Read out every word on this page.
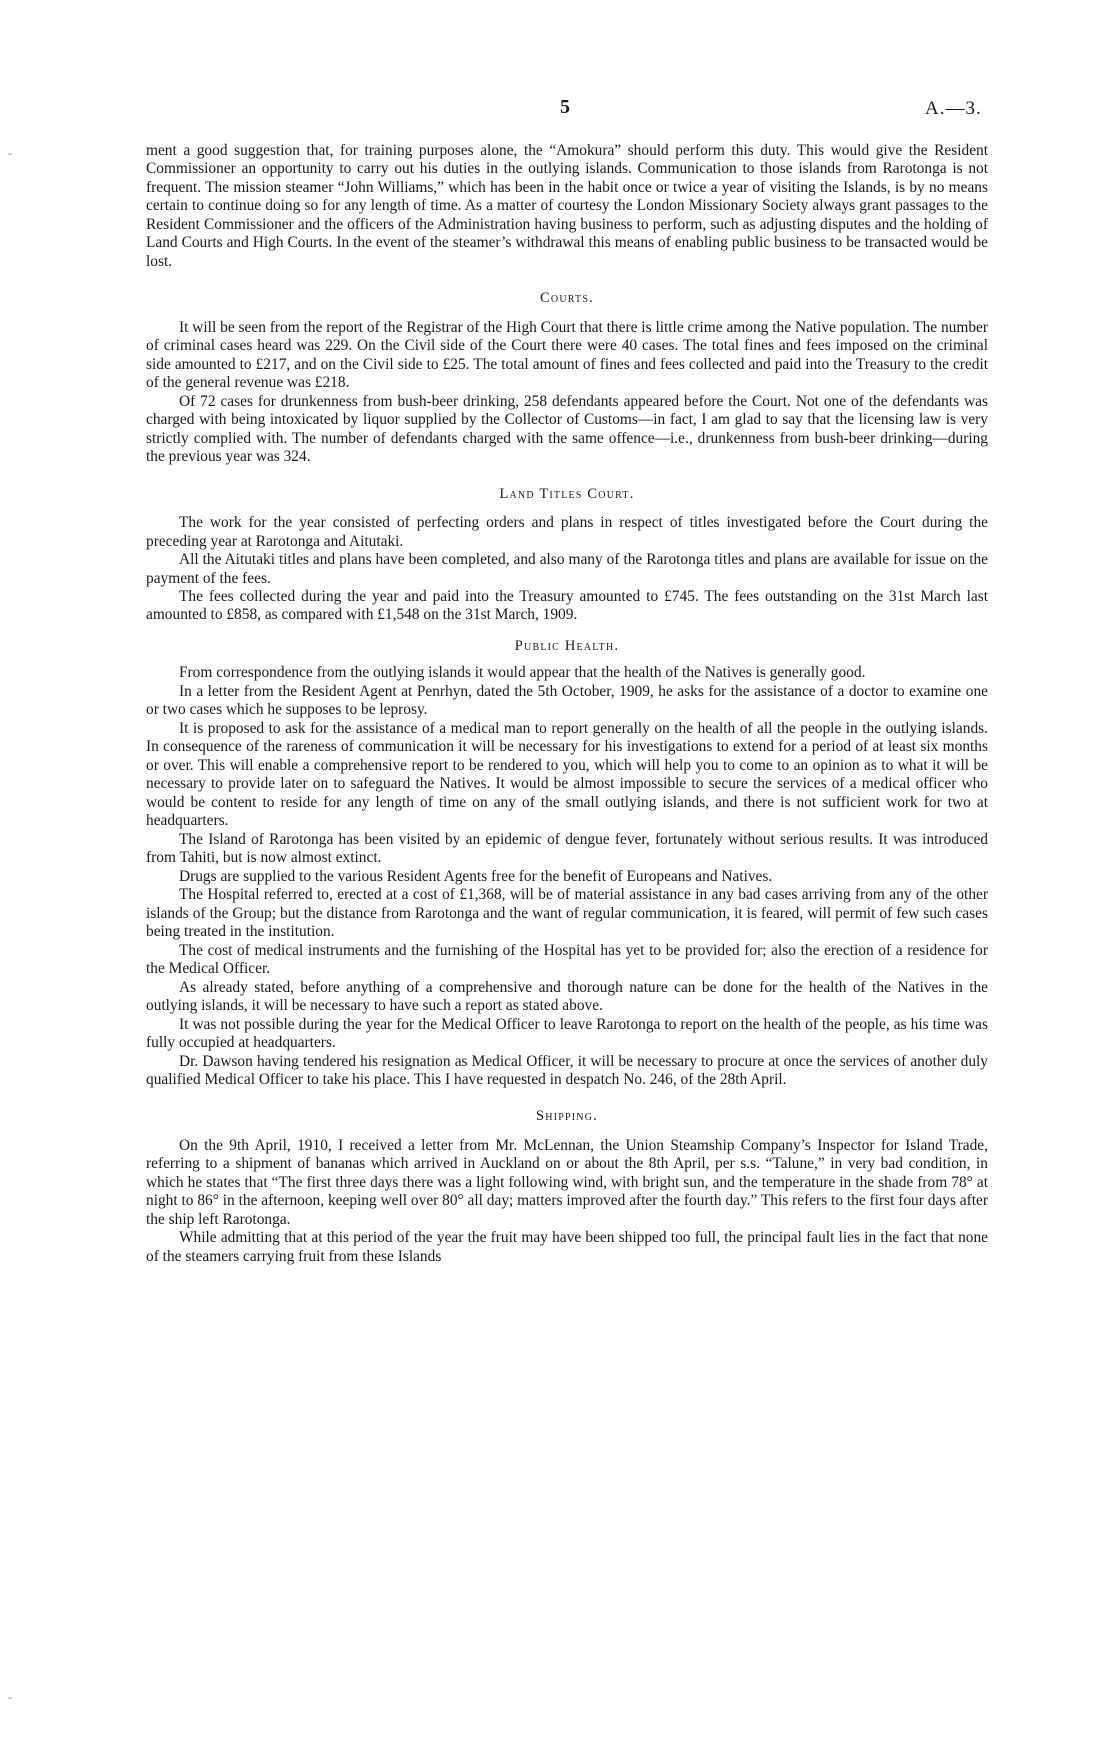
5	A.—3.
-
-

ment a good suggestion that, for training purposes alone, the “Amokura” should perform this duty. This would give the Resident Commissioner an opportunity to carry out his duties in the outlying islands. Communication to those islands from Rarotonga is not frequent. The mission steamer “John Williams,” which has been in the habit once or twice a year of visiting the Islands, is by no means certain to continue doing so for any length of time. As a matter of courtesy the London Missionary Society always grant passages to the Resident Commissioner and the officers of the Administration having business to perform, such as adjusting disputes and the holding of Land Courts and High Courts. In the event of the steamer’s withdrawal this means of enabling public business to be transacted would be lost.

Courts.

It will be seen from the report of the Registrar of the High Court that there is little crime among the Native population. The number of criminal cases heard was 229. On the Civil side of the Court there were 40 cases. The total fines and fees imposed on the criminal side amounted to £217, and on the Civil side to £25. The total amount of fines and fees collected and paid into the Treasury to the credit of the general revenue was £218.

Of 72 cases for drunkenness from bush-beer drinking, 258 defendants appeared before the Court. Not one of the defendants was charged with being intoxicated by liquor supplied by the Collector of Customs—in fact, I am glad to say that the licensing law is very strictly complied with. The number of defendants charged with the same offence—i.e., drunkenness from bush-beer drinking—during the previous year was 324.

Land Titles Court.

The work for the year consisted of perfecting orders and plans in respect of titles investigated before the Court during the preceding year at Rarotonga and Aitutaki.

All the Aitutaki titles and plans have been completed, and also many of the Rarotonga titles and plans are available for issue on the payment of the fees.

The fees collected during the year and paid into the Treasury amounted to £745. The fees outstanding on the 31st March last amounted to £858, as compared with £1,548 on the 31st March, 1909.

Public Health.

From correspondence from the outlying islands it would appear that the health of the Natives is generally good.

In a letter from the Resident Agent at Penrhyn, dated the 5th October, 1909, he asks for the assistance of a doctor to examine one or two cases which he supposes to be leprosy.

It is proposed to ask for the assistance of a medical man to report generally on the health of all the people in the outlying islands. In consequence of the rareness of communication it will be necessary for his investigations to extend for a period of at least six months or over. This will enable a comprehensive report to be rendered to you, which will help you to come to an opinion as to what it will be necessary to provide later on to safeguard the Natives. It would be almost impossible to secure the services of a medical officer who would be content to reside for any length of time on any of the small outlying islands, and there is not sufficient work for two at headquarters.

The Island of Rarotonga has been visited by an epidemic of dengue fever, fortunately without serious results. It was introduced from Tahiti, but is now almost extinct.

Drugs are supplied to the various Resident Agents free for the benefit of Europeans and Natives.

The Hospital referred to, erected at a cost of £1,368, will be of material assistance in any bad cases arriving from any of the other islands of the Group; but the distance from Rarotonga and the want of regular communication, it is feared, will permit of few such cases being treated in the institution.

The cost of medical instruments and the furnishing of the Hospital has yet to be provided for; also the erection of a residence for the Medical Officer.

As already stated, before anything of a comprehensive and thorough nature can be done for the health of the Natives in the outlying islands, it will be necessary to have such a report as stated above.

It was not possible during the year for the Medical Officer to leave Rarotonga to report on the health of the people, as his time was fully occupied at headquarters.

Dr. Dawson having tendered his resignation as Medical Officer, it will be necessary to procure at once the services of another duly qualified Medical Officer to take his place. This I have requested in despatch No. 246, of the 28th April.

Shipping.

On the 9th April, 1910, I received a letter from Mr. McLennan, the Union Steamship Company’s Inspector for Island Trade, referring to a shipment of bananas which arrived in Auckland on or about the 8th April, per s.s. “Talune,” in very bad condition, in which he states that “The first three days there was a light following wind, with bright sun, and the temperature in the shade from 78° at night to 86° in the afternoon, keeping well over 80° all day; matters improved after the fourth day.” This refers to the first four days after the ship left Rarotonga.

While admitting that at this period of the year the fruit may have been shipped too full, the principal fault lies in the fact that none of the steamers carrying fruit from these Islands
